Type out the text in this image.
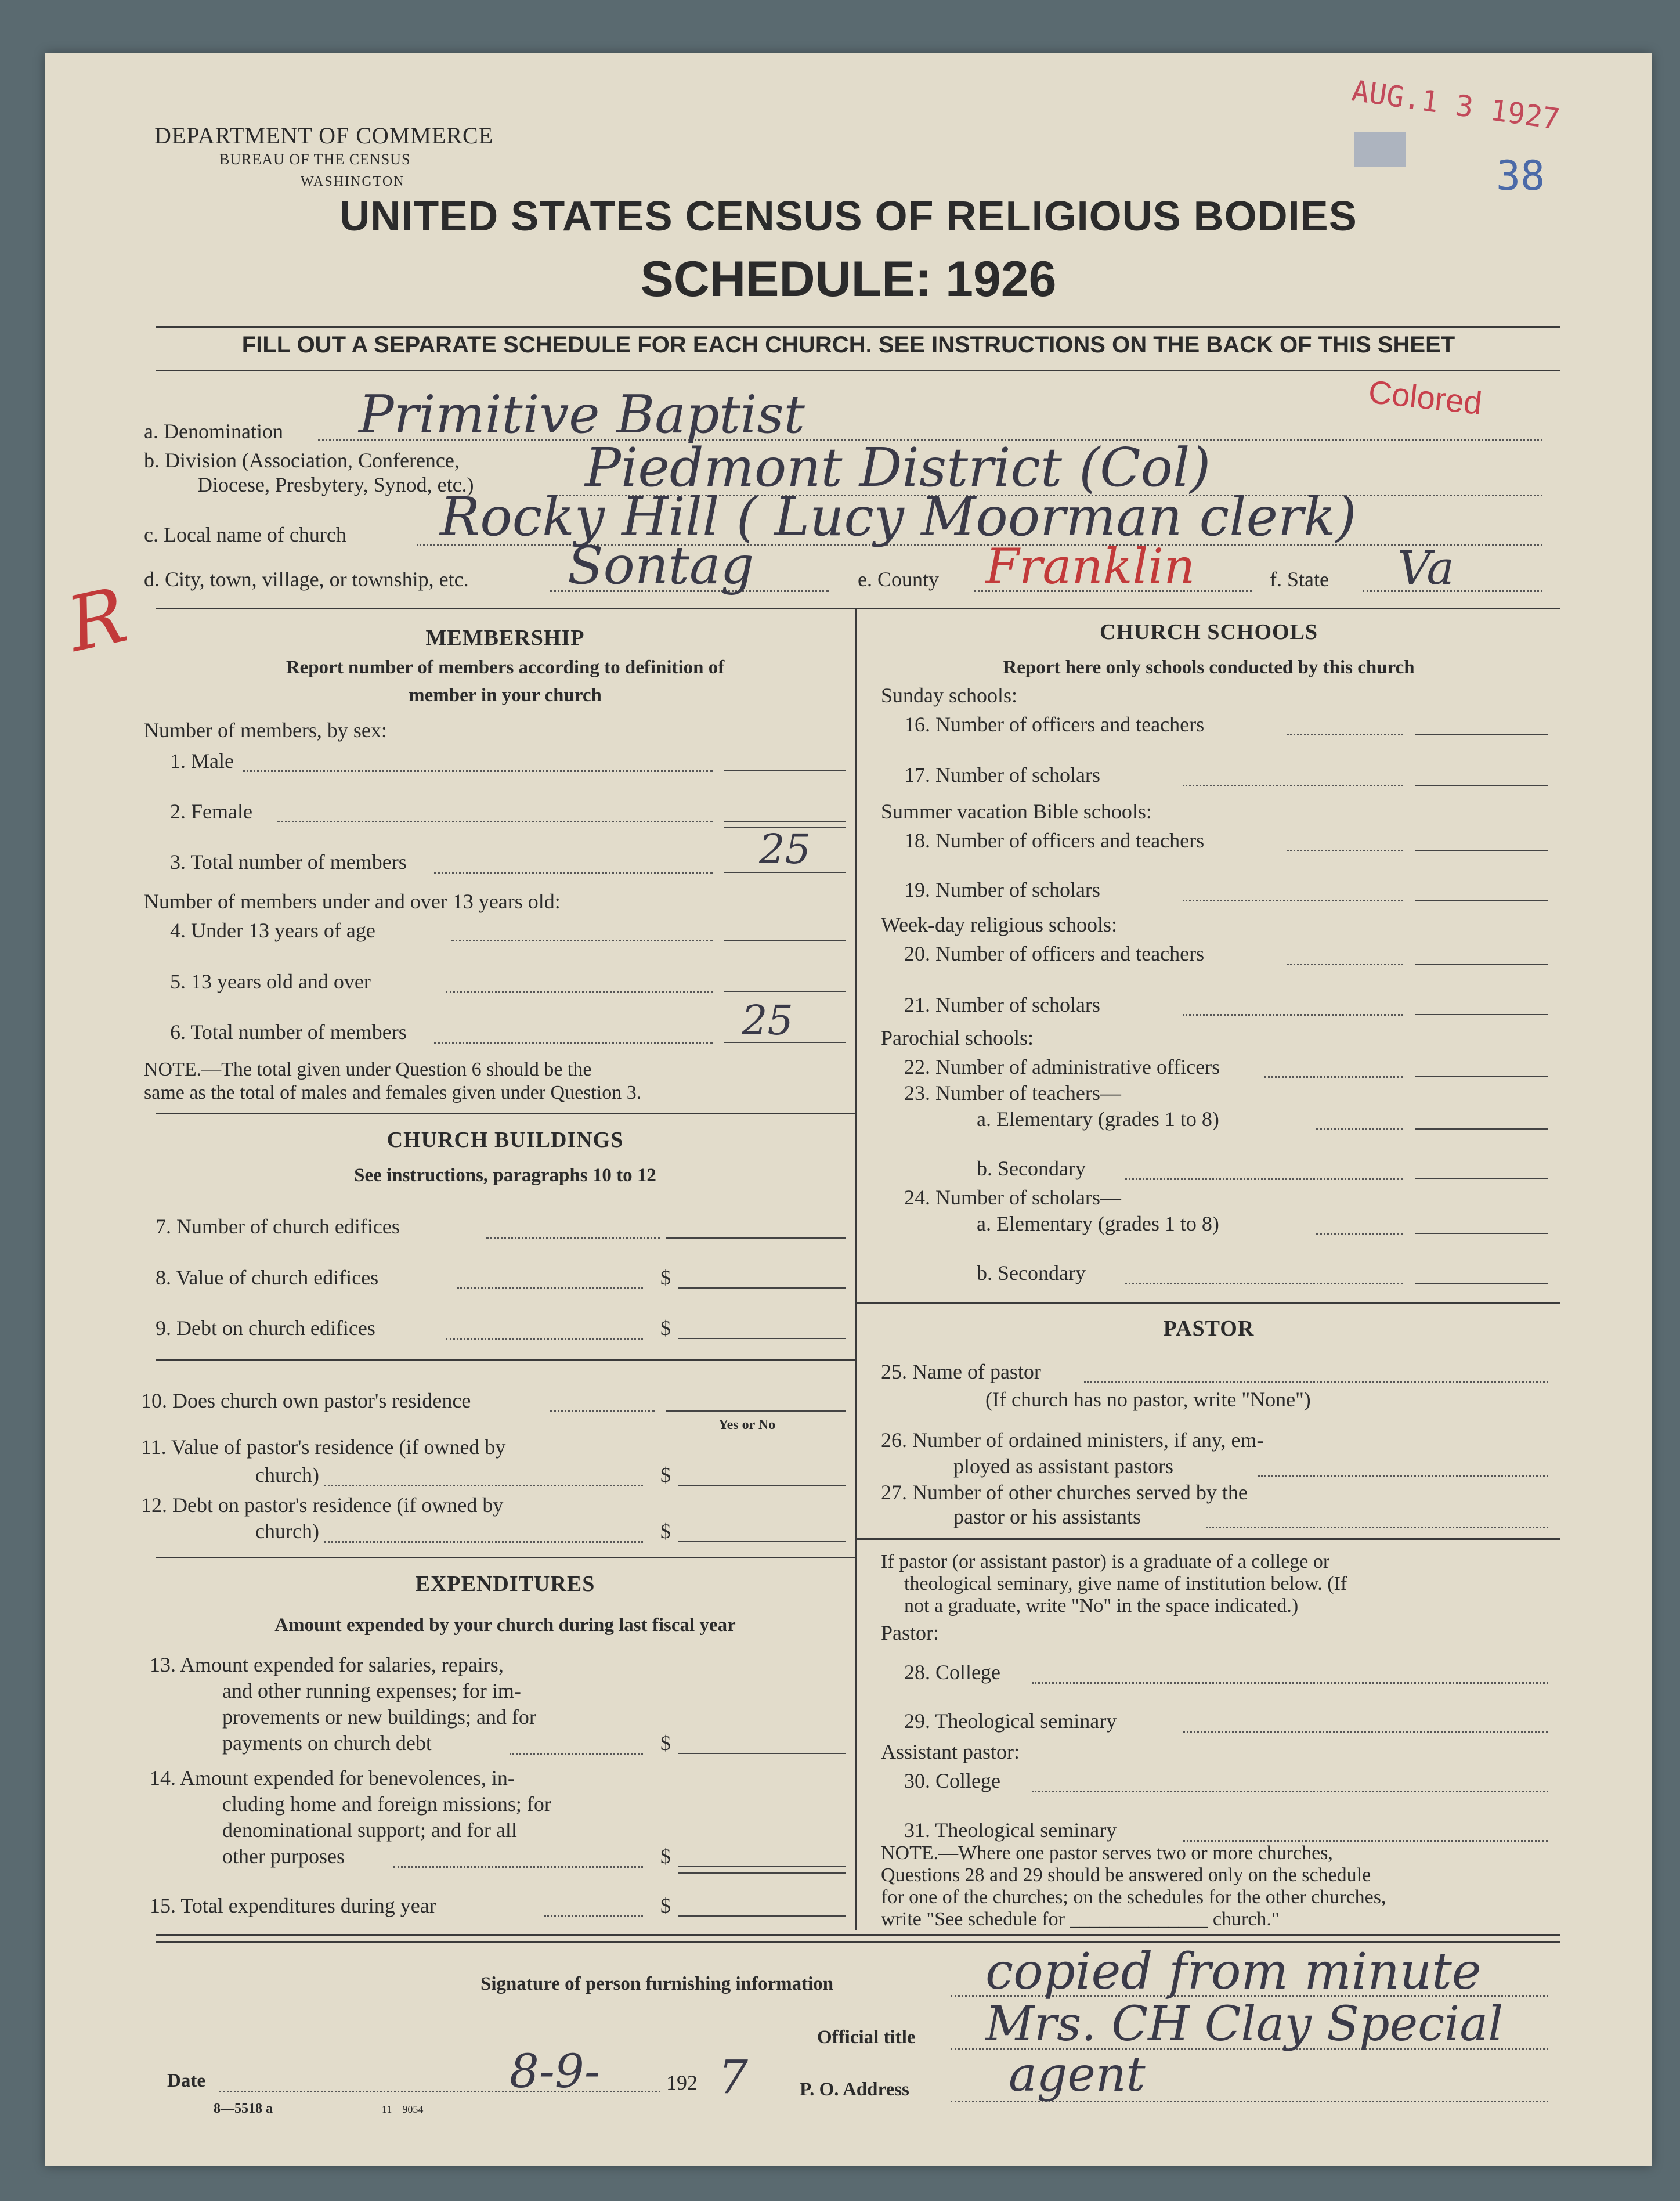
DEPARTMENT OF COMMERCE
BUREAU OF THE CENSUS
WASHINGTON
AUG.1 3 1927
38
UNITED STATES CENSUS OF RELIGIOUS BODIES
SCHEDULE: 1926
FILL OUT A SEPARATE SCHEDULE FOR EACH CHURCH. SEE INSTRUCTIONS ON THE BACK OF THIS SHEET
Colored
R
a. Denomination Primitive Baptist
b. Division (Association, Conference,
Diocese, Presbytery, Synod, etc.) Piedmont District (Col)
c. Local name of church Rocky Hill ( Lucy Moorman clerk)
d. City, town, village, or township, etc. Sontag	e. County Franklin	f. State Va
MEMBERSHIP
Report number of members according to definition of
member in your church
Number of members, by sex:
1. Male
2. Female
3. Total number of members	25
Number of members under and over 13 years old:
4. Under 13 years of age
5. 13 years old and over
6. Total number of members	25
NOTE.—The total given under Question 6 should be the
same as the total of males and females given under Question 3.
CHURCH BUILDINGS
See instructions, paragraphs 10 to 12
7. Number of church edifices
8. Value of church edifices	$
9. Debt on church edifices	$
10. Does church own pastor's residence
Yes or No
11. Value of pastor's residence (if owned by
church)	$
12. Debt on pastor's residence (if owned by
church)	$
EXPENDITURES
Amount expended by your church during last fiscal year
13. Amount expended for salaries, repairs,
and other running expenses; for im-
provements or new buildings; and for
payments on church debt	$
14. Amount expended for benevolences, in-
cluding home and foreign missions; for
denominational support; and for all
other purposes	$
15. Total expenditures during year	$
CHURCH SCHOOLS
Report here only schools conducted by this church
Sunday schools:
16. Number of officers and teachers
17. Number of scholars
Summer vacation Bible schools:
18. Number of officers and teachers
19. Number of scholars
Week-day religious schools:
20. Number of officers and teachers
21. Number of scholars
Parochial schools:
22. Number of administrative officers
23. Number of teachers—
a. Elementary (grades 1 to 8)
b. Secondary
24. Number of scholars—
a. Elementary (grades 1 to 8)
b. Secondary
PASTOR
25. Name of pastor
(If church has no pastor, write "None")
26. Number of ordained ministers, if any, em-
ployed as assistant pastors
27. Number of other churches served by the
pastor or his assistants
If pastor (or assistant pastor) is a graduate of a college or
theological seminary, give name of institution below. (If
not a graduate, write "No" in the space indicated.)
Pastor:
28. College
29. Theological seminary
Assistant pastor:
30. College
31. Theological seminary
NOTE.—Where one pastor serves two or more churches,
Questions 28 and 29 should be answered only on the schedule
for one of the churches; on the schedules for the other churches,
write "See schedule for ______________ church."
Signature of person furnishing information	copied from minute
Official title Mrs. CH Clay Special
Date	8-9-	192 7	P. O. Address agent
8—5518 a	11—9054
